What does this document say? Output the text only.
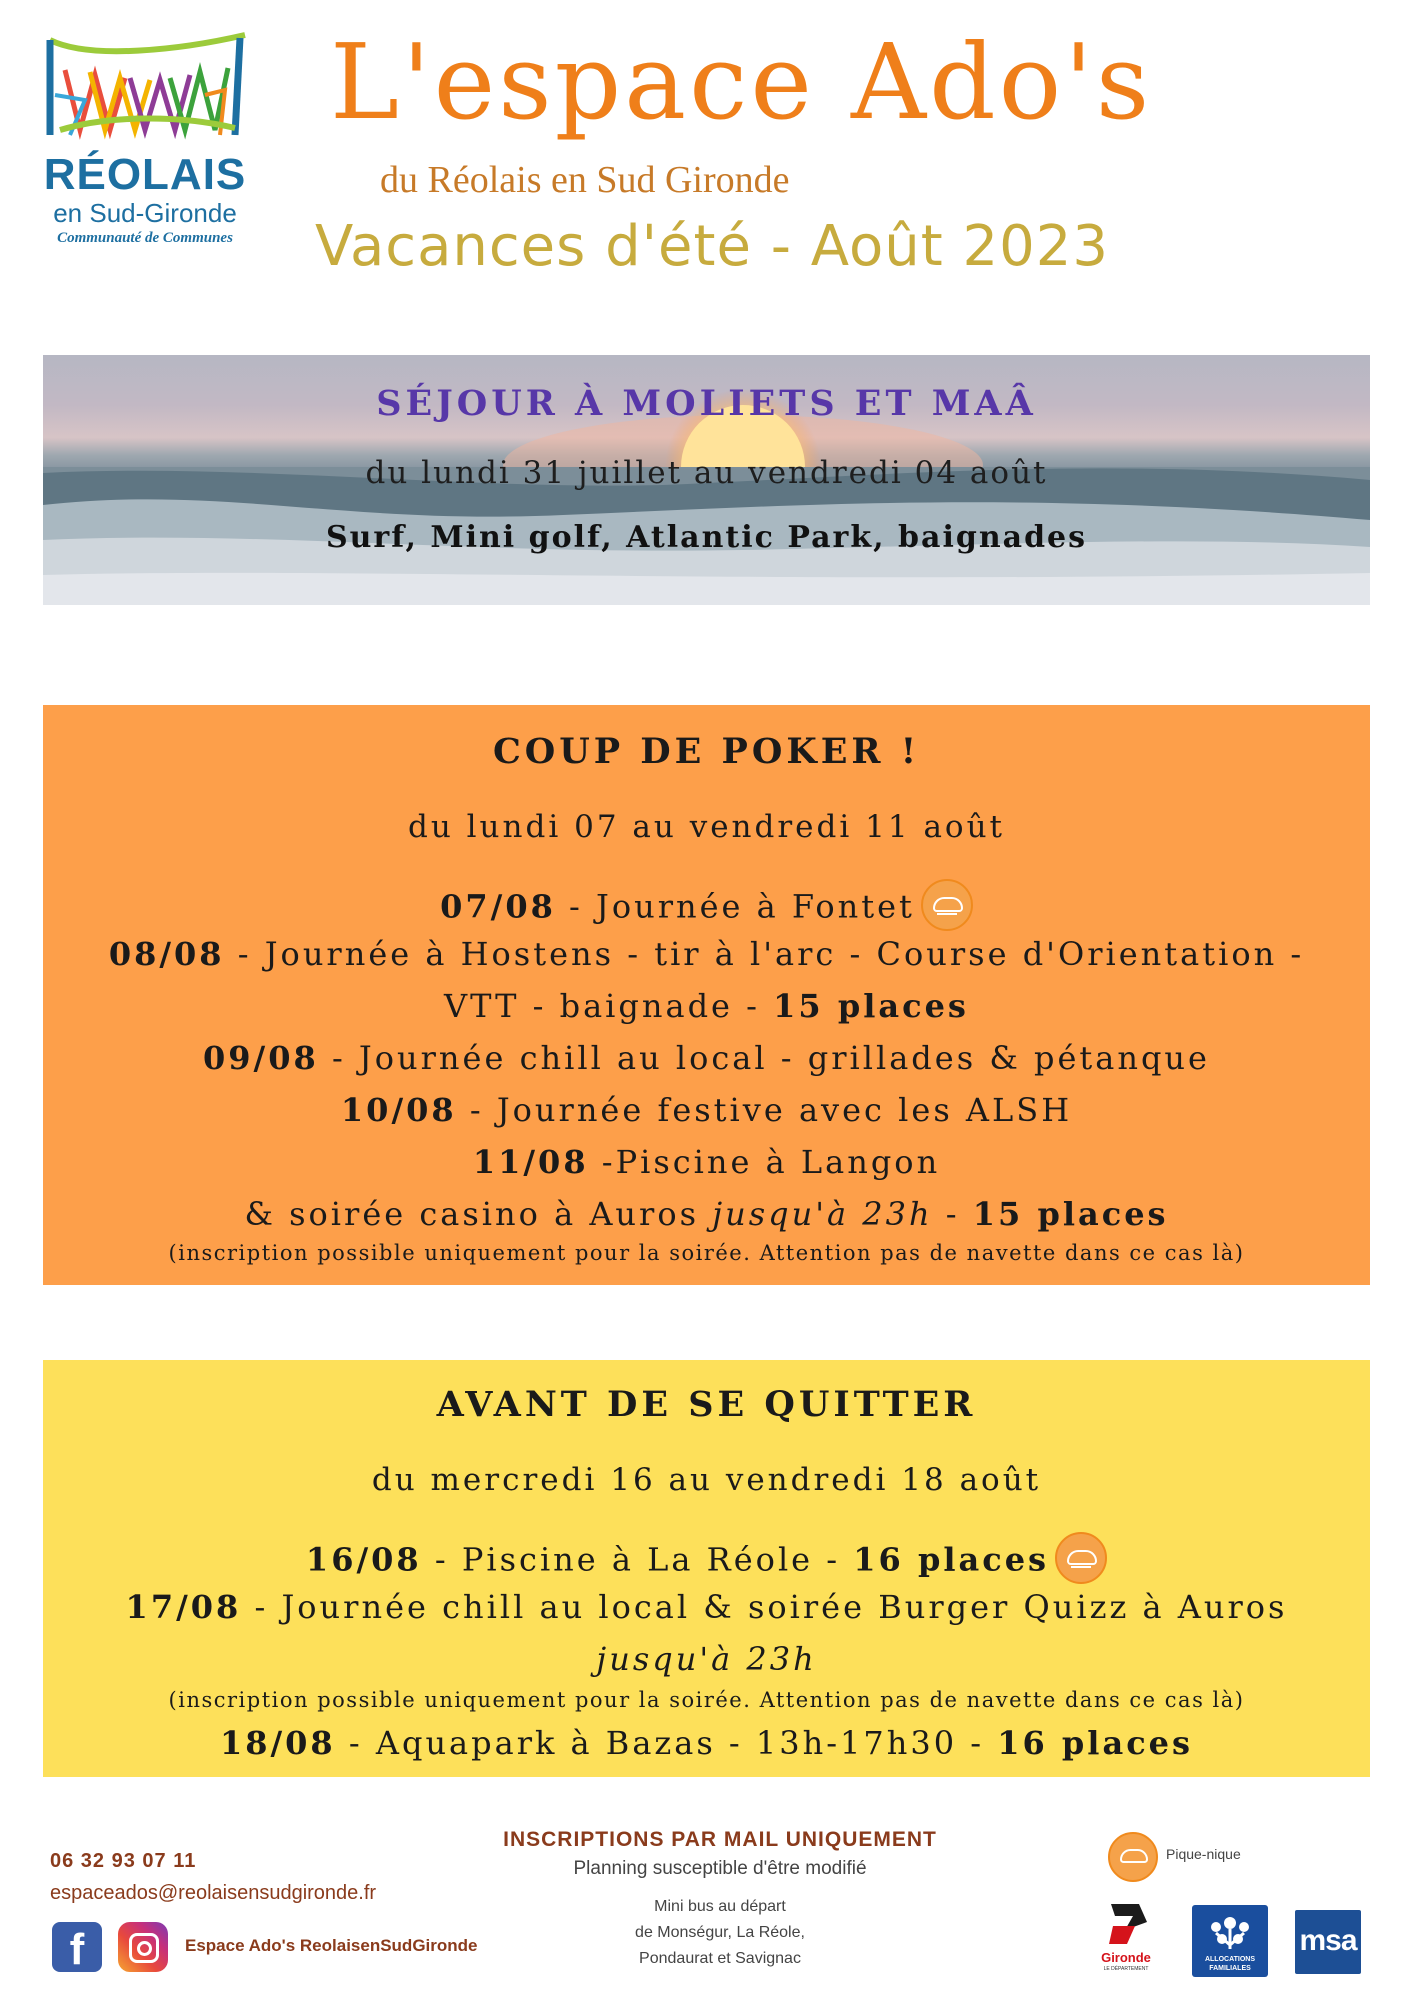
RÉOLAIS
en Sud-Gironde
Communauté de Communes
L'espace Ado's
du Réolais en Sud Gironde
Vacances d'été - Août 2023
SÉJOUR À MOLIETS ET MAÂ
du lundi 31 juillet au vendredi 04 août
Surf, Mini golf, Atlantic Park, baignades
COUP DE POKER !
du lundi 07 au vendredi 11 août
07/08 - Journée à Fontet
08/08 - Journée à Hostens - tir à l'arc - Course d'Orientation -
VTT - baignade - 15 places
09/08 - Journée chill au local - grillades & pétanque
10/08 - Journée festive avec les ALSH
11/08 -Piscine à Langon
& soirée casino à Auros jusqu'à 23h - 15 places
(inscription possible uniquement pour la soirée. Attention pas de navette dans ce cas là)
AVANT DE SE QUITTER
du mercredi 16 au vendredi 18 août
16/08 - Piscine à La Réole - 16 places
17/08 - Journée chill au local & soirée Burger Quizz à Auros
jusqu'à 23h
(inscription possible uniquement pour la soirée. Attention pas de navette dans ce cas là)
18/08 - Aquapark à Bazas - 13h-17h30 - 16 places
06 32 93 07 11
espaceados@reolaisensudgironde.fr
f	Espace Ado's ReolaisenSudGironde
INSCRIPTIONS PAR MAIL UNIQUEMENT
Planning susceptible d'être modifié
Mini bus au départ
de Monségur, La Réole,
Pondaurat et Savignac
Pique-nique
Gironde
LE DÉPARTEMENT
ALLOCATIONS FAMILIALES
msa
